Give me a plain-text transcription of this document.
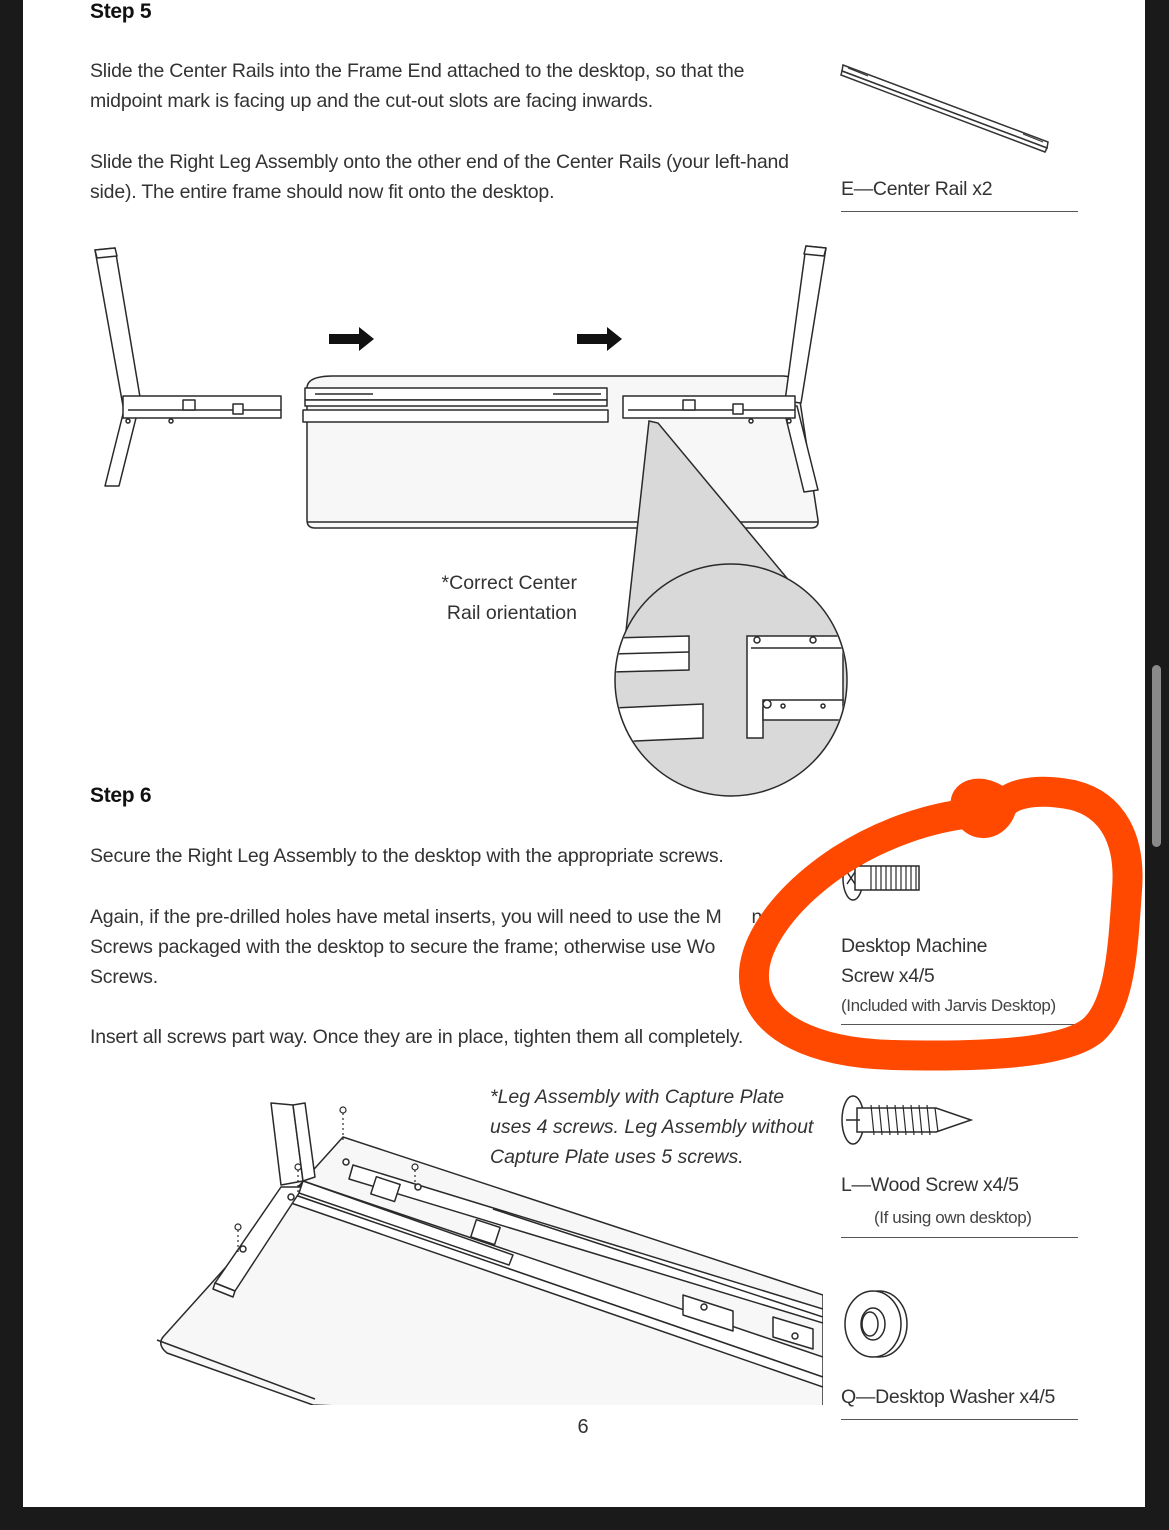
Step 5
Slide the Center Rails into the Frame End attached to the desktop, so that the
midpoint mark is facing up and the cut-out slots are facing inwards.
Slide the Right Leg Assembly onto the other end of the Center Rails (your left-hand
side). The entire frame should now fit onto the desktop.	E—Center Rail x2
*Correct Center
Rail orientation
Step 6
Secure the Right Leg Assembly to the desktop with the appropriate screws.
Again, if the pre-drilled holes have metal inserts, you will need to use the M ne
Screws packaged with the desktop to secure the frame; otherwise use Wo
Screws.
Insert all screws part way. Once they are in place, tighten them all completely.
Desktop Machine
Screw x4/5
(Included with Jarvis Desktop)
*Leg Assembly with Capture Plate
uses 4 screws. Leg Assembly without
Capture Plate uses 5 screws.
L—Wood Screw x4/5
(If using own desktop)
Q—Desktop Washer x4/5
6
